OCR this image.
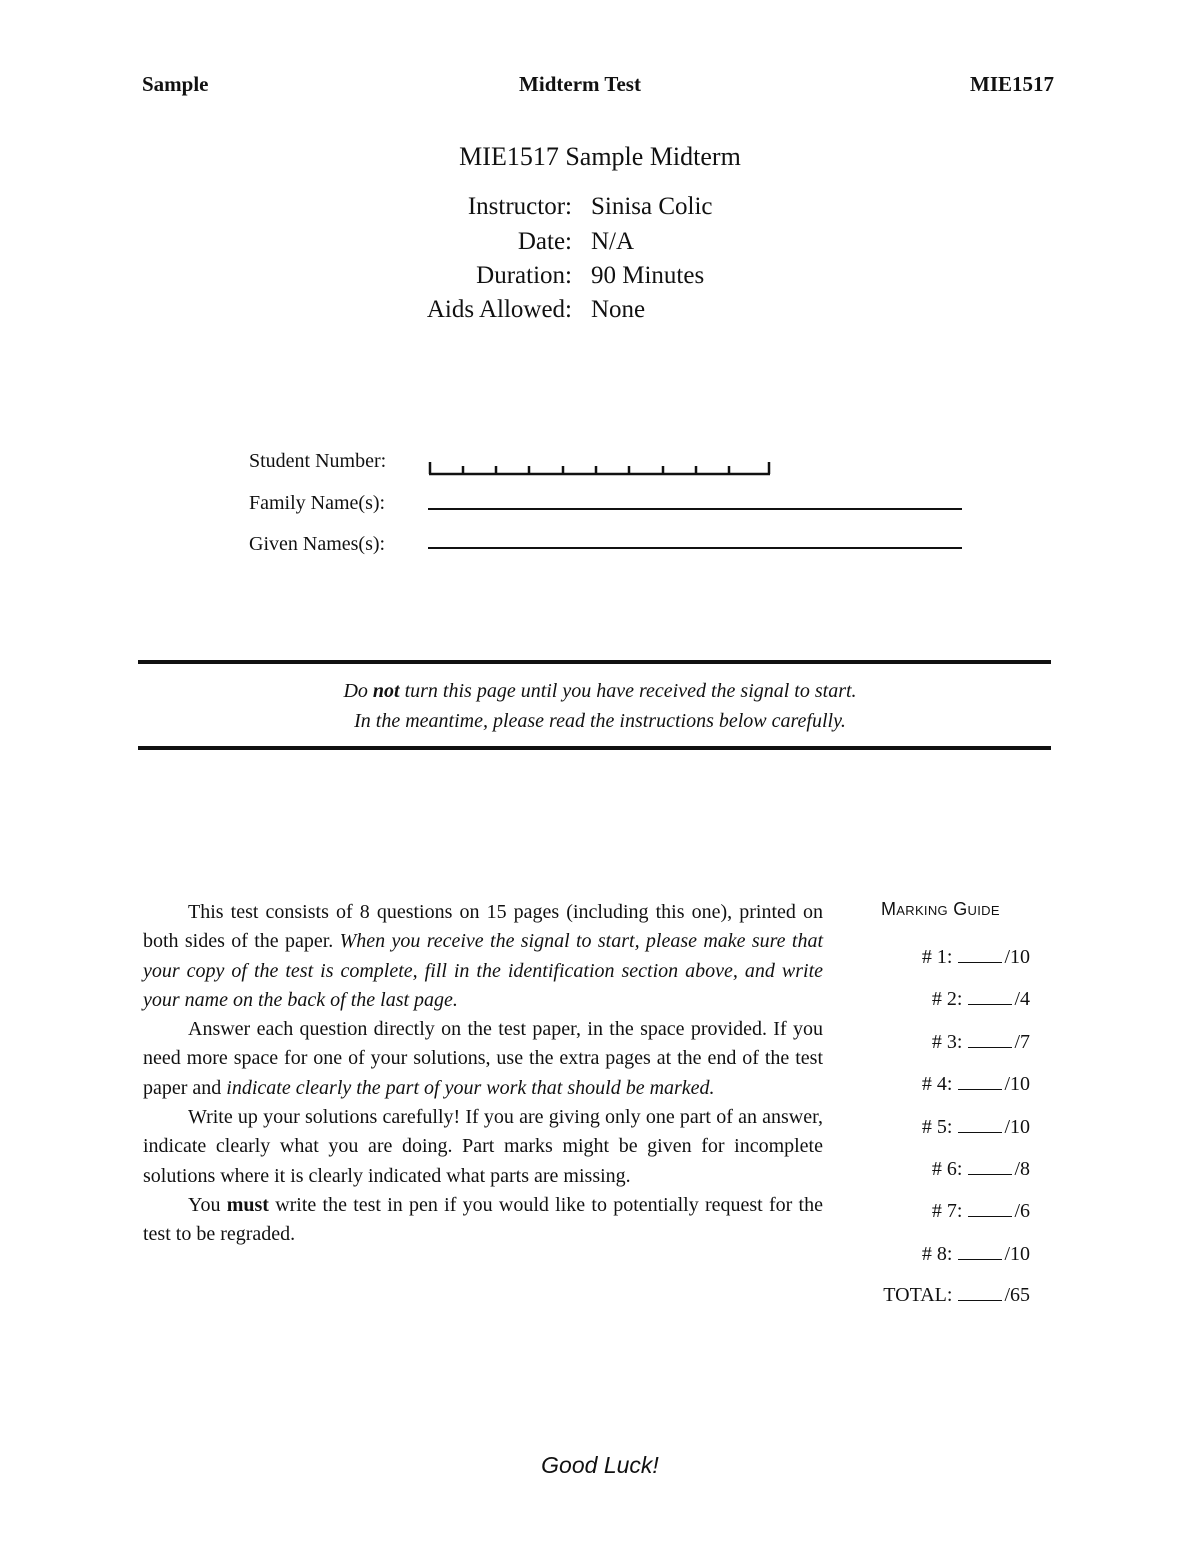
Sample	Midterm Test	MIE1517
MIE1517 Sample Midterm
Instructor: Sinisa Colic
Date: N/A
Duration: 90 Minutes
Aids Allowed: None
Student Number:
Family Name(s):
Given Names(s):
Do not turn this page until you have received the signal to start.
In the meantime, please read the instructions below carefully.

This test consists of 8 questions on 15 pages (including this one), printed on both sides of the paper. When you receive the signal to start, please make sure that your copy of the test is complete, fill in the identification section above, and write your name on the back of the last page.

Answer each question directly on the test paper, in the space provided. If you need more space for one of your solutions, use the extra pages at the end of the test paper and indicate clearly the part of your work that should be marked.

Write up your solutions carefully! If you are giving only one part of an answer, indicate clearly what you are doing. Part marks might be given for incomplete solutions where it is clearly indicated what parts are missing.

You must write the test in pen if you would like to potentially request for the test to be regraded.

Marking Guide
# 1:	/10
# 2:	/4
# 3:	/7
# 4:	/10
# 5:	/10
# 6:	/8
# 7:	/6
# 8:	/10
TOTAL:	/65
Good Luck!
